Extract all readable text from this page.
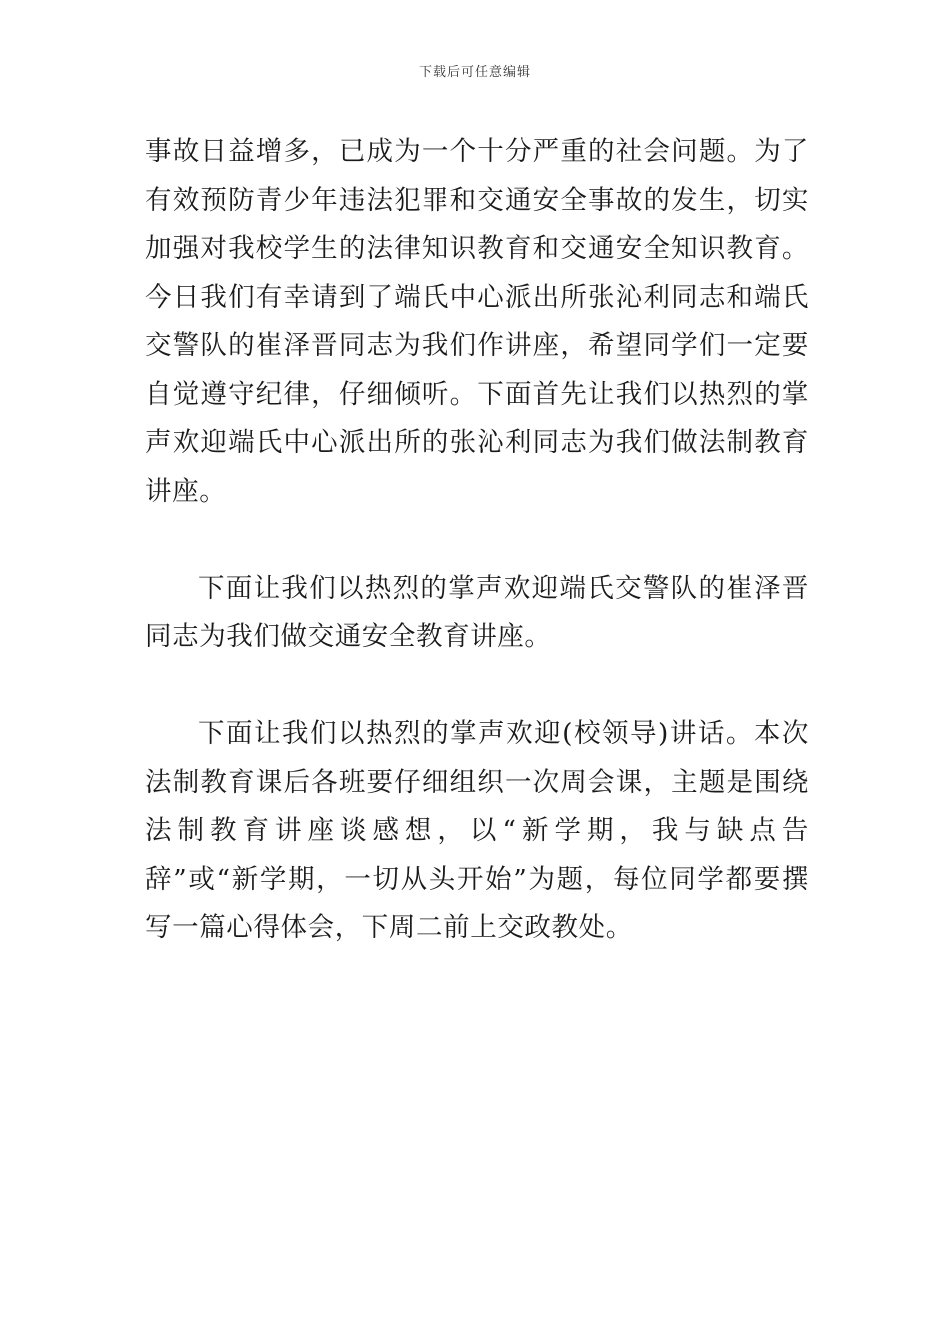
下载后可任意编辑

事故日益增多，已成为一个十分严重的社会问题。为了有效预防青少年违法犯罪和交通安全事故的发生，切实加强对我校学生的法律知识教育和交通安全知识教育。今日我们有幸请到了端氏中心派出所张沁利同志和端氏交警队的崔泽晋同志为我们作讲座，希望同学们一定要自觉遵守纪律，仔细倾听。下面首先让我们以热烈的掌声欢迎端氏中心派出所的张沁利同志为我们做法制教育讲座。

下面让我们以热烈的掌声欢迎端氏交警队的崔泽晋同志为我们做交通安全教育讲座。

下面让我们以热烈的掌声欢迎(校领导)讲话。本次法制教育课后各班要仔细组织一次周会课，主题是围绕法制教育讲座谈感想，以“新学期，我与缺点告辞”或“新学期，一切从头开始”为题，每位同学都要撰写一篇心得体会，下周二前上交政教处。
